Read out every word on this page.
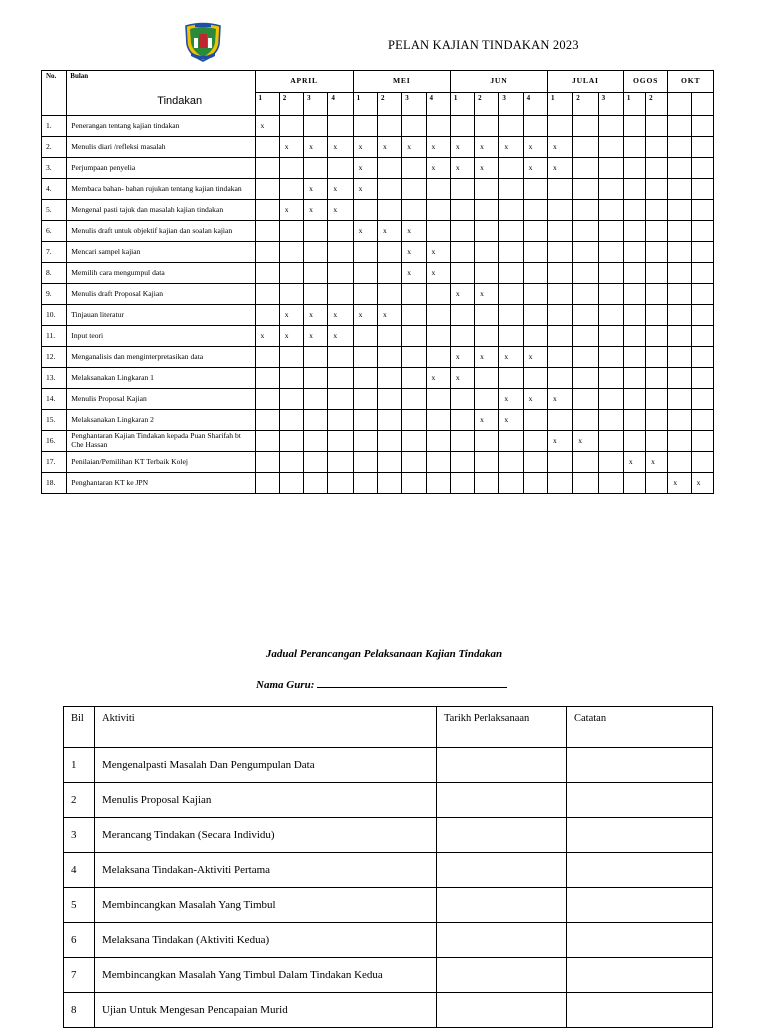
PELAN KAJIAN TINDAKAN 2023
No.	Bulan
Tindakan	APRIL				MEI				JUN				JULAI			OGOS		OKT	
		1	2	3	4	1	2	3	4	1	2	3	4	1	2	3	1	2		
1.	Penerangan tentang kajian tindakan	x																		
2.	Menulis diari /refleksi masalah		x	x	x	x	x	x	x	x	x	x	x	x						
3.	Perjumpaan penyelia					x			x	x	x		x	x						
4.	Membaca bahan- bahan rujukan tentang kajian tindakan			x	x	x														
5.	Mengenal pasti tajuk dan masalah kajian tindakan		x	x	x															
6.	Menulis draft untuk objektif kajian dan soalan kajian					x	x	x												
7.	Mencari sampel kajian							x	x											
8.	Memilih cara mengumpul data							x	x											
9.	Menulis draft Proposal Kajian									x	x									
10.	Tinjauan literatur		x	x	x	x	x													
11.	Input teori	x	x	x	x															
12.	Menganalisis dan menginterpretasikan data									x	x	x	x							
13.	Melaksanakan Lingkaran 1								x	x										
14.	Menulis Proposal Kajian											x	x	x						
15.	Melaksanakan Lingkaran 2										x	x								
16.	Penghantaran Kajian Tindakan kepada Puan Sharifah bt Che Hassan													x	x					
17.	Penilaian/Pemilihan KT Terbaik Kolej																x	x		
18.	Penghantaran KT ke JPN																		x	x
Jadual Perancangan Pelaksanaan Kajian Tindakan
Nama Guru:
Bil	Aktiviti	Tarikh Perlaksanaan	Catatan
1	Mengenalpasti Masalah Dan Pengumpulan Data		
2	Menulis Proposal Kajian		
3	Merancang Tindakan (Secara Individu)		
4	Melaksana Tindakan-Aktiviti Pertama		
5	Membincangkan Masalah Yang Timbul		
6	Melaksana Tindakan (Aktiviti Kedua)		
7	Membincangkan Masalah Yang Timbul Dalam Tindakan Kedua		
8	Ujian Untuk Mengesan Pencapaian Murid		
